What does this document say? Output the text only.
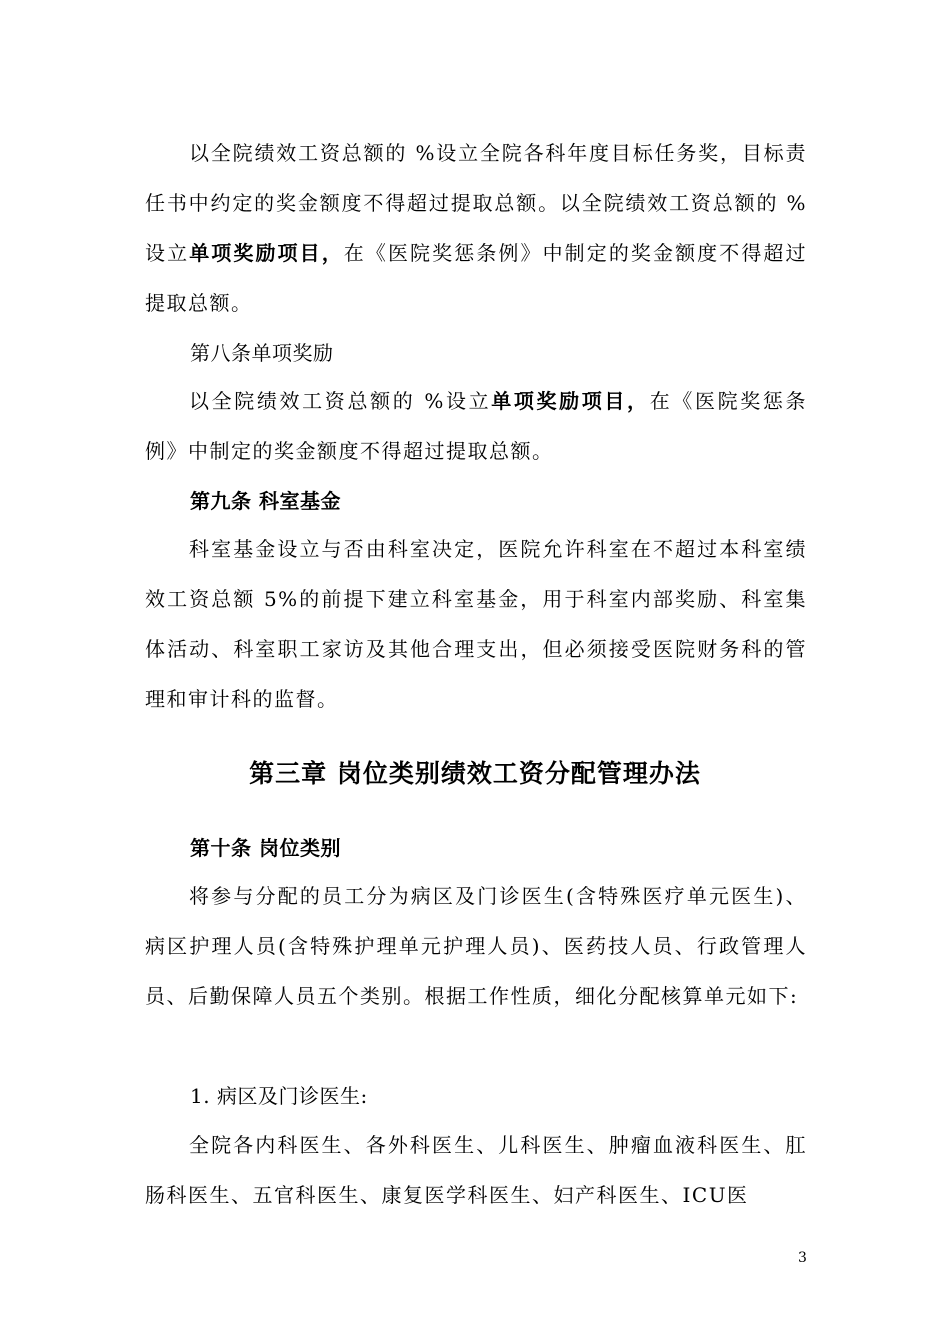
以全院绩效工资总额的 %设立全院各科年度目标任务奖，目标责任书中约定的奖金额度不得超过提取总额。以全院绩效工资总额的 %设立单项奖励项目，在《医院奖惩条例》中制定的奖金额度不得超过提取总额。

第八条单项奖励

以全院绩效工资总额的 %设立单项奖励项目，在《医院奖惩条例》中制定的奖金额度不得超过提取总额。

第九条 科室基金

科室基金设立与否由科室决定，医院允许科室在不超过本科室绩效工资总额 5%的前提下建立科室基金，用于科室内部奖励、科室集体活动、科室职工家访及其他合理支出，但必须接受医院财务科的管理和审计科的监督。

第三章 岗位类别绩效工资分配管理办法

第十条 岗位类别

将参与分配的员工分为病区及门诊医生(含特殊医疗单元医生)、病区护理人员(含特殊护理单元护理人员)、医药技人员、行政管理人员、后勤保障人员五个类别。根据工作性质，细化分配核算单元如下:

1. 病区及门诊医生:

全院各内科医生、各外科医生、儿科医生、肿瘤血液科医生、肛肠科医生、五官科医生、康复医学科医生、妇产科医生、ICU医

3
